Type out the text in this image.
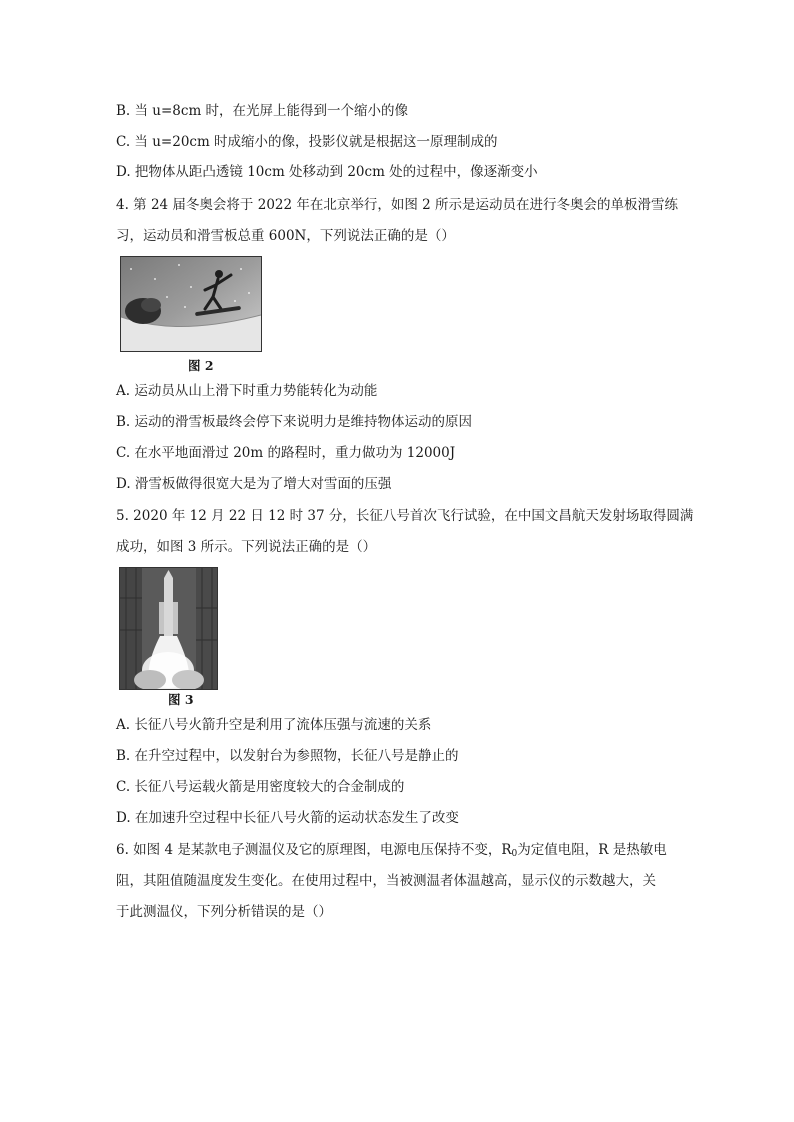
B. 当 u=8cm 时，在光屏上能得到一个缩小的像
C. 当 u=20cm 时成缩小的像，投影仪就是根据这一原理制成的
D. 把物体从距凸透镜 10cm 处移动到 20cm 处的过程中，像逐渐变小
4. 第 24 届冬奥会将于 2022 年在北京举行，如图 2 所示是运动员在进行冬奥会的单板滑雪练
习，运动员和滑雪板总重 600N，下列说法正确的是（）
图 2
A. 运动员从山上滑下时重力势能转化为动能
B. 运动的滑雪板最终会停下来说明力是维持物体运动的原因
C. 在水平地面滑过 20m 的路程时，重力做功为 12000J
D. 滑雪板做得很宽大是为了增大对雪面的压强
5. 2020 年 12 月 22 日 12 时 37 分，长征八号首次飞行试验，在中国文昌航天发射场取得圆满
成功，如图 3 所示。下列说法正确的是（）
图 3
A. 长征八号火箭升空是利用了流体压强与流速的关系
B. 在升空过程中，以发射台为参照物，长征八号是静止的
C. 长征八号运载火箭是用密度较大的合金制成的
D. 在加速升空过程中长征八号火箭的运动状态发生了改变
6. 如图 4 是某款电子测温仪及它的原理图，电源电压保持不变，$R_0$为定值电阻，R 是热敏电
阻，其阻值随温度发生变化。在使用过程中，当被测温者体温越高，显示仪的示数越大，关
于此测温仪，下列分析错误的是（）
